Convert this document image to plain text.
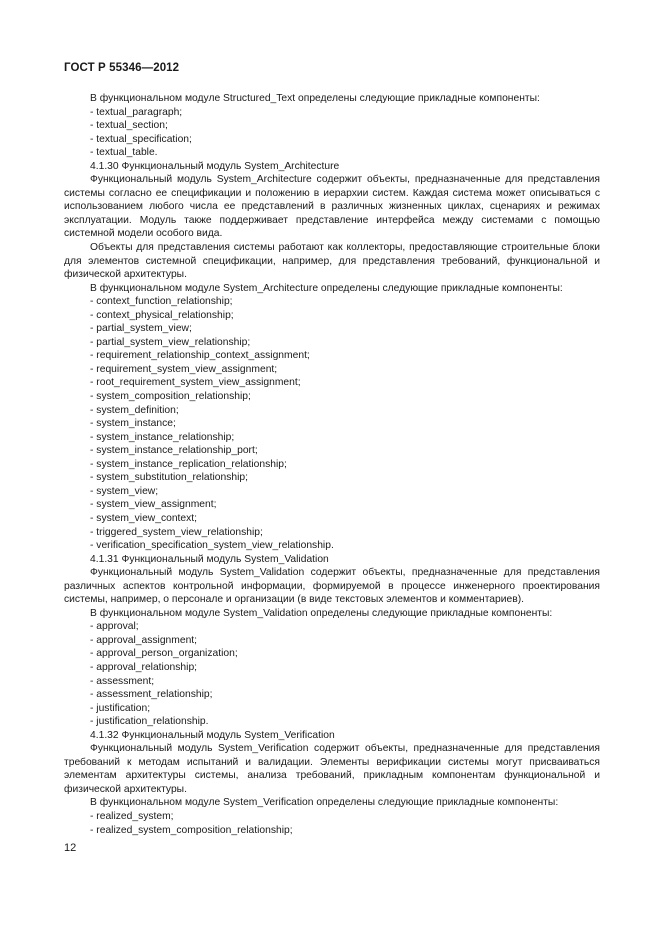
ГОСТ Р 55346—2012

В функциональном модуле Structured_Text определены следующие прикладные компоненты:

- textual_paragraph;
- textual_section;
- textual_specification;
- textual_table.

4.1.30 Функциональный модуль System_Architecture

Функциональный модуль System_Architecture содержит объекты, предназначенные для представления системы согласно ее спецификации и положению в иерархии систем. Каждая система может описываться с использованием любого числа ее представлений в различных жизненных циклах, сценариях и режимах эксплуатации. Модуль также поддерживает представление интерфейса между системами с помощью системной модели особого вида.

Объекты для представления системы работают как коллекторы, предоставляющие строительные блоки для элементов системной спецификации, например, для представления требований, функциональной и физической архитектуры.

В функциональном модуле System_Architecture определены следующие прикладные компоненты:

- context_function_relationship;
- context_physical_relationship;
- partial_system_view;
- partial_system_view_relationship;
- requirement_relationship_context_assignment;
- requirement_system_view_assignment;
- root_requirement_system_view_assignment;
- system_composition_relationship;
- system_definition;
- system_instance;
- system_instance_relationship;
- system_instance_relationship_port;
- system_instance_replication_relationship;
- system_substitution_relationship;
- system_view;
- system_view_assignment;
- system_view_context;
- triggered_system_view_relationship;
- verification_specification_system_view_relationship.

4.1.31 Функциональный модуль System_Validation

Функциональный модуль System_Validation содержит объекты, предназначенные для представления различных аспектов контрольной информации, формируемой в процессе инженерного проектирования системы, например, о персонале и организации (в виде текстовых элементов и комментариев).

В функциональном модуле System_Validation определены следующие прикладные компоненты:

- approval;
- approval_assignment;
- approval_person_organization;
- approval_relationship;
- assessment;
- assessment_relationship;
- justification;
- justification_relationship.

4.1.32 Функциональный модуль System_Verification

Функциональный модуль System_Verification содержит объекты, предназначенные для представления требований к методам испытаний и валидации. Элементы верификации системы могут присваиваться элементам архитектуры системы, анализа требований, прикладным компонентам функциональной и физической архитектуры.

В функциональном модуле System_Verification определены следующие прикладные компоненты:

- realized_system;
- realized_system_composition_relationship;
12
